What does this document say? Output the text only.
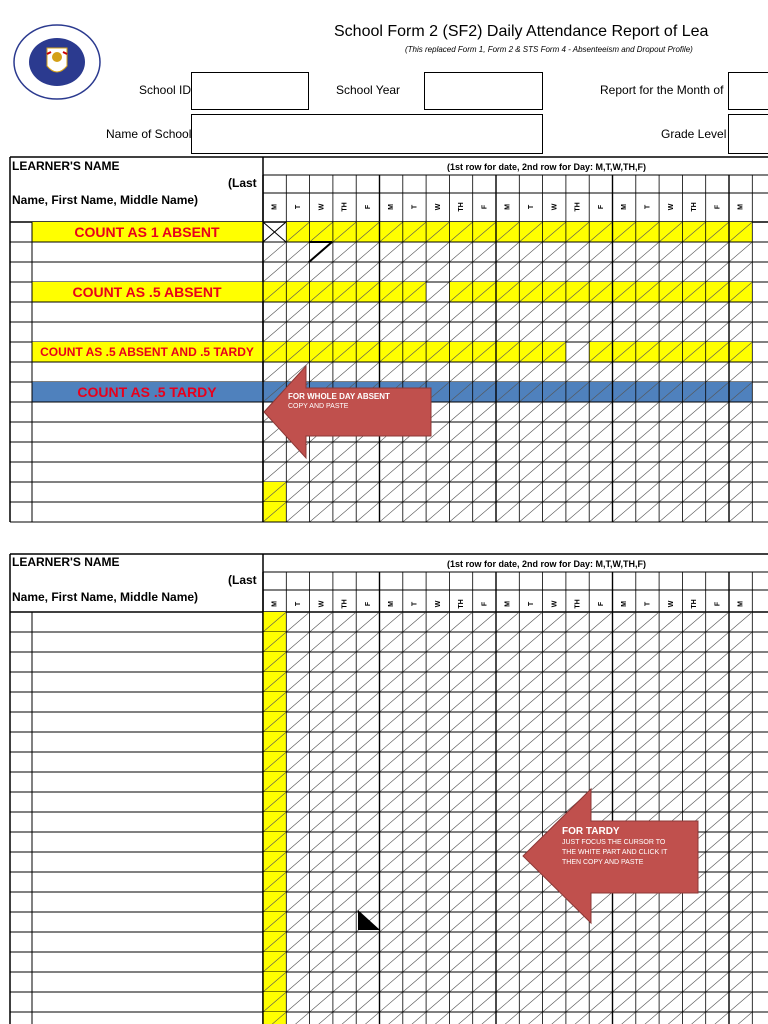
School Form 2 (SF2) Daily Attendance Report of Lea
(This replaced Form 1, Form 2 & STS Form 4 - Absenteeism and Dropout Profile)
School ID	School Year	Report for the Month of
Name of School	Grade Level
LEARNER'S NAME
(Last
Name, First Name, Middle Name)
(1st row for date, 2nd row for Day: M,T,W,TH,F)
LEARNER'S NAME
(Last
Name, First Name, Middle Name)
(1st row for date, 2nd row for Day: M,T,W,TH,F)
M T W TH F M T W TH F M T W TH F M T W TH F M
M T W TH F M T W TH F M T W TH F M T W TH F M
COUNT AS 1 ABSENT
COUNT AS .5 ABSENT
COUNT AS .5 ABSENT AND .5 TARDY
COUNT AS .5 TARDY	FOR WHOLE DAY ABSENT
COPY AND PASTE
FOR TARDY
JUST FOCUS THE CURSOR TO
THE WHITE PART AND CLICK IT
THEN COPY AND PASTE
